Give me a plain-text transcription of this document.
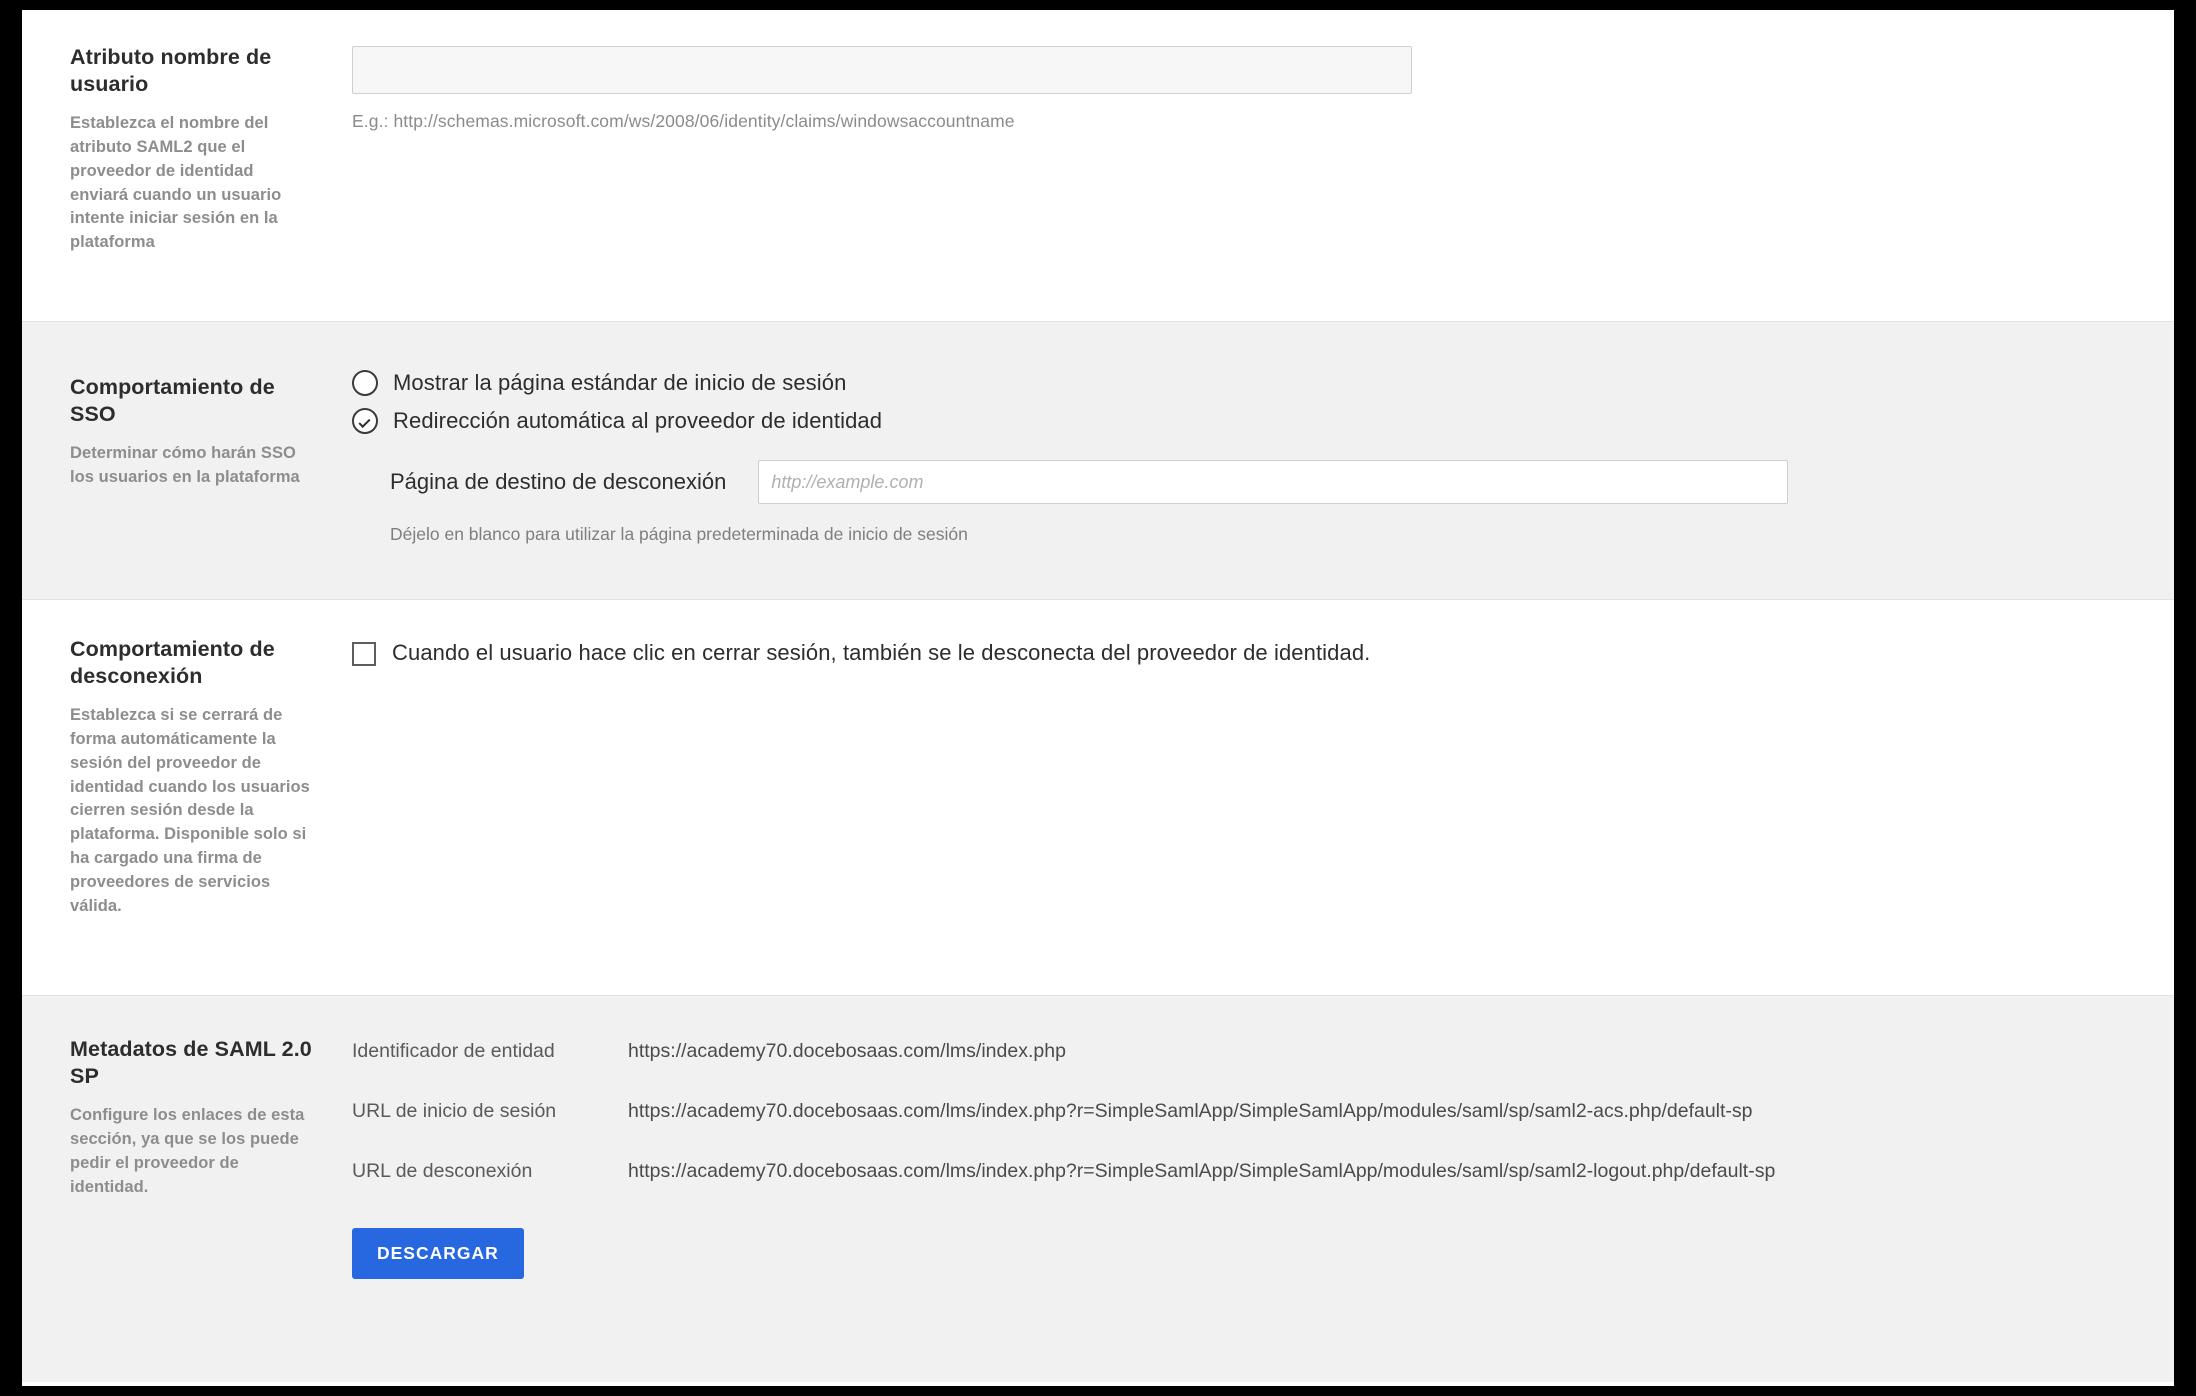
Atributo nombre de usuario
Establezca el nombre del atributo SAML2 que el proveedor de identidad enviará cuando un usuario intente iniciar sesión en la plataforma
E.g.: http://schemas.microsoft.com/ws/2008/06/identity/claims/windowsaccountname
Comportamiento de SSO
Determinar cómo harán SSO los usuarios en la plataforma
Mostrar la página estándar de inicio de sesión
Redirección automática al proveedor de identidad
Página de destino de desconexión
http://example.com
Déjelo en blanco para utilizar la página predeterminada de inicio de sesión
Comportamiento de desconexión
Establezca si se cerrará de forma automáticamente la sesión del proveedor de identidad cuando los usuarios cierren sesión desde la plataforma. Disponible solo si ha cargado una firma de proveedores de servicios válida.
Cuando el usuario hace clic en cerrar sesión, también se le desconecta del proveedor de identidad.
Metadatos de SAML 2.0 SP
Configure los enlaces de esta sección, ya que se los puede pedir el proveedor de identidad.
Identificador de entidad	https://academy70.docebosaas.com/lms/index.php
URL de inicio de sesión	https://academy70.docebosaas.com/lms/index.php?r=SimpleSamlApp/SimpleSamlApp/modules/saml/sp/saml2-acs.php/default-sp
URL de desconexión	https://academy70.docebosaas.com/lms/index.php?r=SimpleSamlApp/SimpleSamlApp/modules/saml/sp/saml2-logout.php/default-sp
DESCARGAR
